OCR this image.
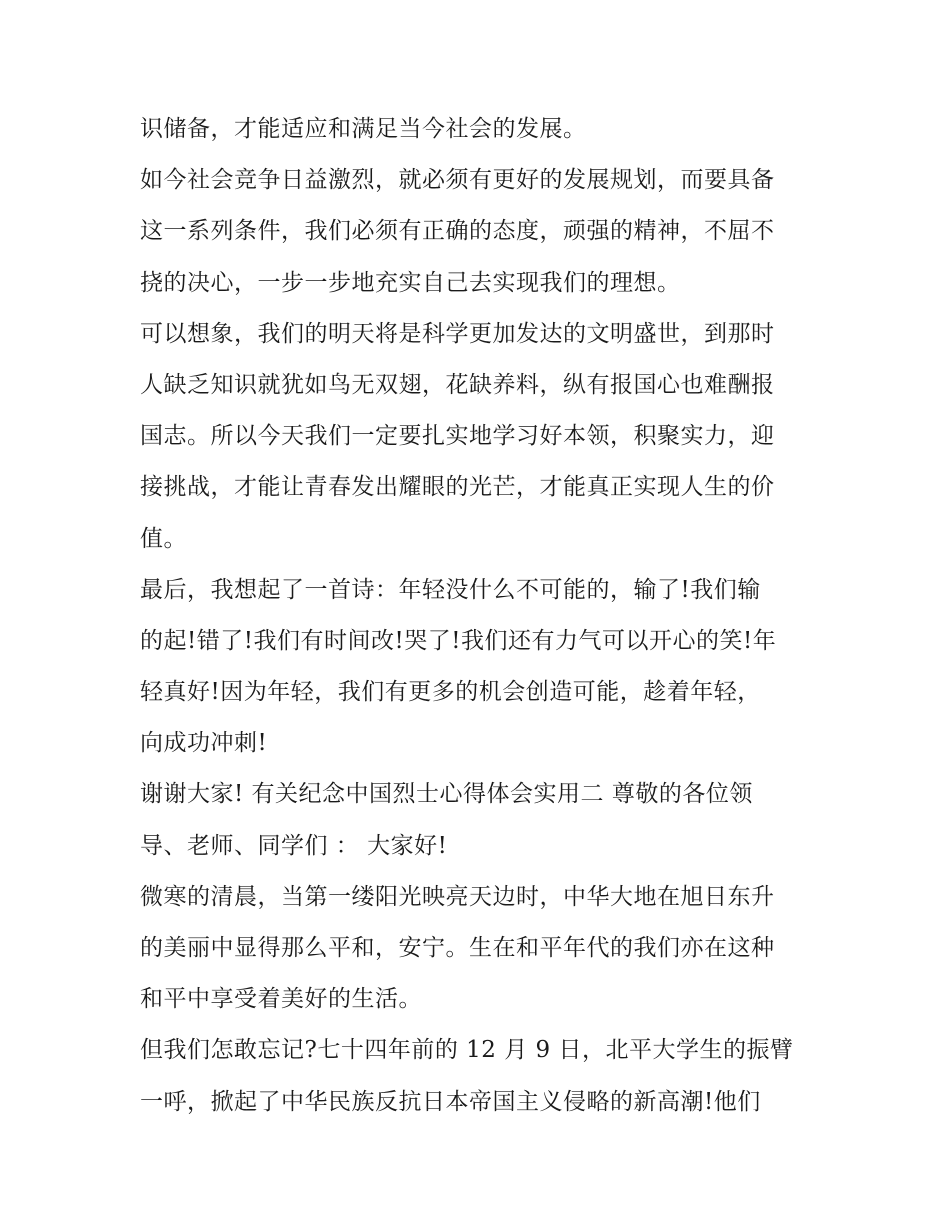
识储备，才能适应和满足当今社会的发展。
如今社会竞争日益激烈，就必须有更好的发展规划，而要具备
这一系列条件，我们必须有正确的态度，顽强的精神，不屈不
挠的决心，一步一步地充实自己去实现我们的理想。
可以想象，我们的明天将是科学更加发达的文明盛世，到那时
人缺乏知识就犹如鸟无双翅，花缺养料，纵有报国心也难酬报
国志。所以今天我们一定要扎实地学习好本领，积聚实力，迎
接挑战，才能让青春发出耀眼的光芒，才能真正实现人生的价
值。
最后，我想起了一首诗：年轻没什么不可能的，输了!我们输
的起!错了!我们有时间改!哭了!我们还有力气可以开心的笑!年
轻真好!因为年轻，我们有更多的机会创造可能，趁着年轻，
向成功冲刺!
谢谢大家! 有关纪念中国烈士心得体会实用二 尊敬的各位领
导、老师、同学们 ： 大家好!
微寒的清晨，当第一缕阳光映亮天边时，中华大地在旭日东升
的美丽中显得那么平和，安宁。生在和平年代的我们亦在这种
和平中享受着美好的生活。
但我们怎敢忘记?七十四年前的 12 月 9 日，北平大学生的振臂
一呼，掀起了中华民族反抗日本帝国主义侵略的新高潮!他们
